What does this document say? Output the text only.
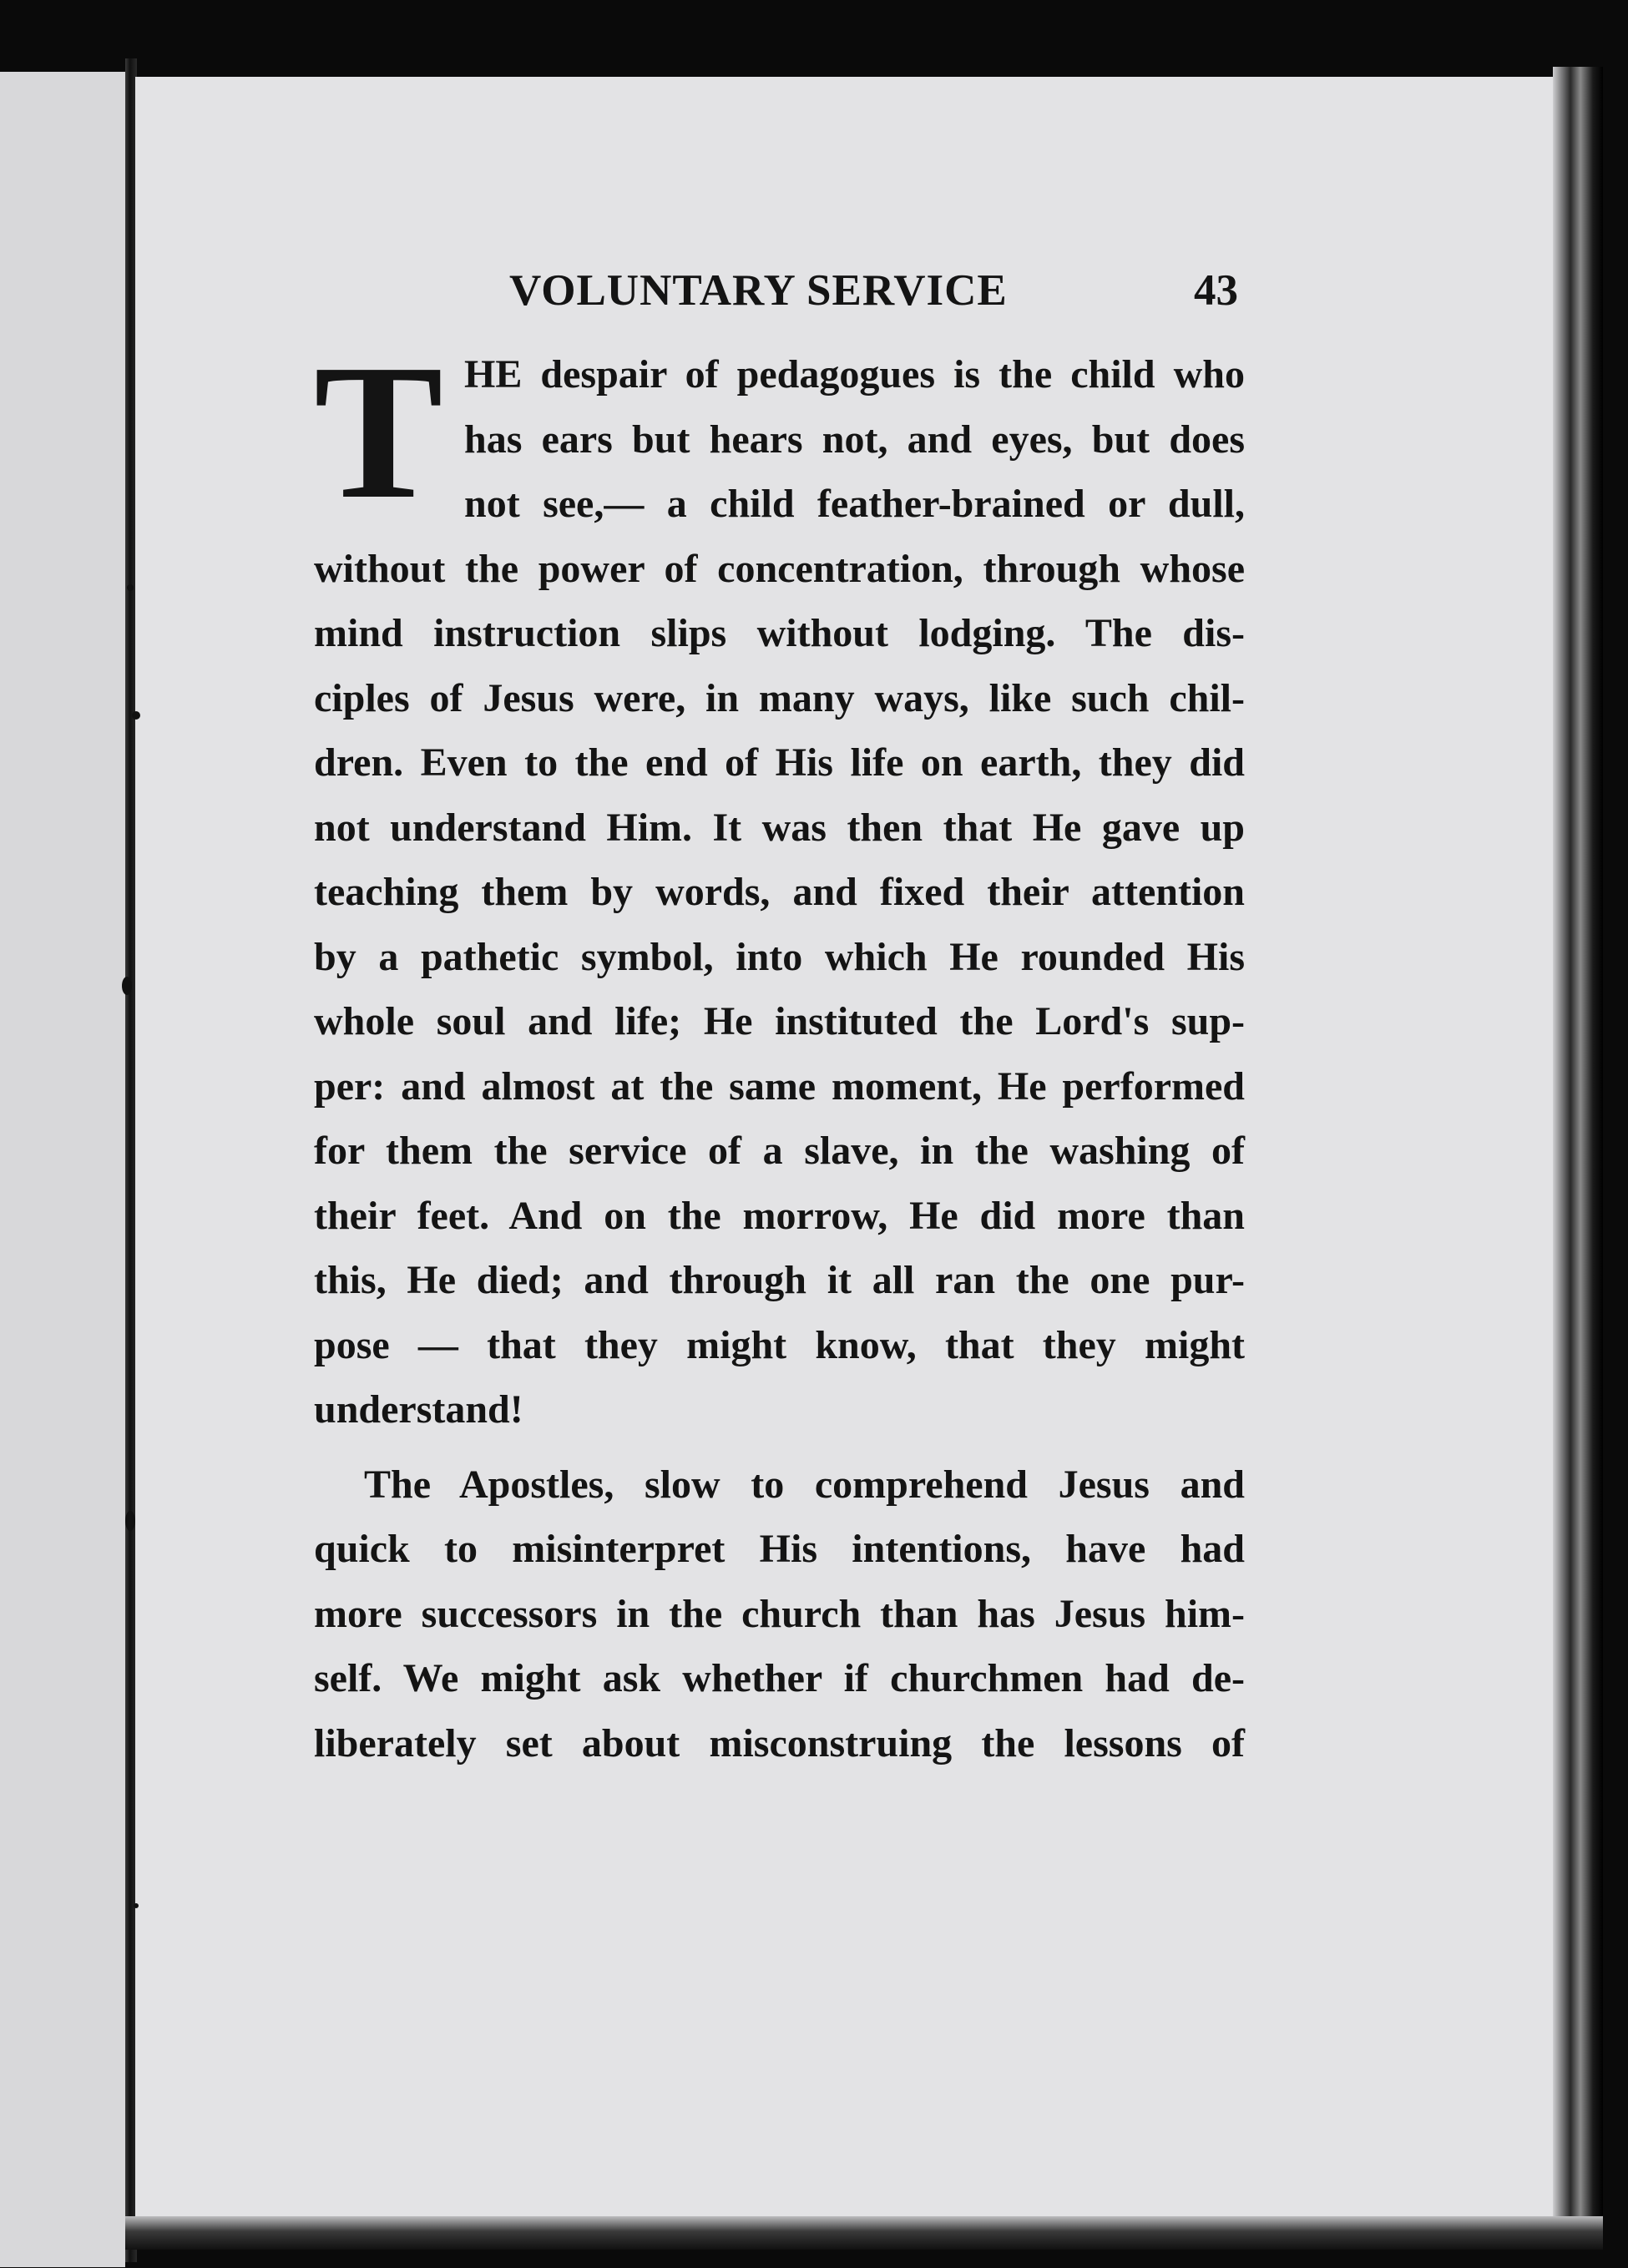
VOLUNTARY SERVICE	43
T HE despair of pedagogues is the child who
has ears but hears not, and eyes, but does
not see,— a child feather-brained or dull,
without the power of concentration, through whose
mind instruction slips without lodging. The dis-
ciples of Jesus were, in many ways, like such chil-
dren. Even to the end of His life on earth, they did
not understand Him. It was then that He gave up
teaching them by words, and fixed their attention
by a pathetic symbol, into which He rounded His
whole soul and life; He instituted the Lord's sup-
per: and almost at the same moment, He performed
for them the service of a slave, in the washing of
their feet. And on the morrow, He did more than
this, He died; and through it all ran the one pur-
pose — that they might know, that they might
understand!
The Apostles, slow to comprehend Jesus and
quick to misinterpret His intentions, have had
more successors in the church than has Jesus him-
self. We might ask whether if churchmen had de-
liberately set about misconstruing the lessons of
